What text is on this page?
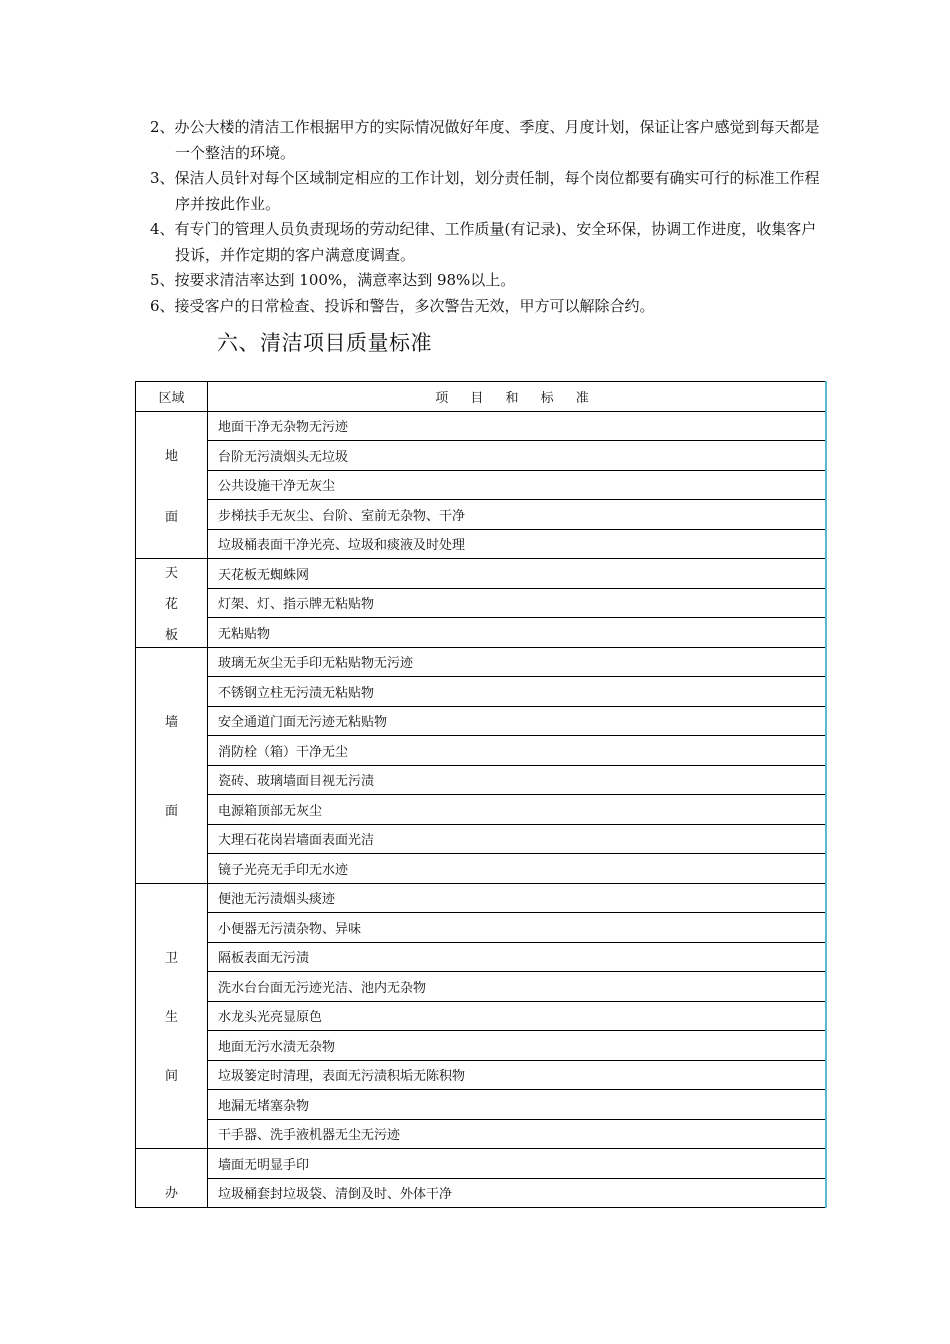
2、办公大楼的清洁工作根据甲方的实际情况做好年度、季度、月度计划，保证让客户感觉到每天都是一个整洁的环境。
3、保洁人员针对每个区域制定相应的工作计划，划分责任制，每个岗位都要有确实可行的标准工作程序并按此作业。
4、有专门的管理人员负责现场的劳动纪律、工作质量(有记录)、安全环保，协调工作进度，收集客户投诉，并作定期的客户满意度调查。
5、按要求清洁率达到 100%，满意率达到 98%以上。
6、接受客户的日常检查、投诉和警告，多次警告无效，甲方可以解除合约。
六、清洁项目质量标准
区域	项 目 和 标 准

地
面	地面干净无杂物无污迹
	台阶无污渍烟头无垃圾
	公共设施干净无灰尘
	步梯扶手无灰尘、台阶、室前无杂物、干净
	垃圾桶表面干净光亮、垃圾和痰液及时处理

天
花
板	天花板无蜘蛛网
	灯架、灯、指示牌无粘贴物
	无粘贴物

墙
面	玻璃无灰尘无手印无粘贴物无污迹
	不锈钢立柱无污渍无粘贴物
	安全通道门面无污迹无粘贴物
	消防栓（箱）干净无尘
	瓷砖、玻璃墙面目视无污渍
	电源箱顶部无灰尘
	大理石花岗岩墙面表面光洁
	镜子光亮无手印无水迹

卫
生
间	便池无污渍烟头痰迹
	小便器无污渍杂物、异味
	隔板表面无污渍
	洗水台台面无污迹光洁、池内无杂物
	水龙头光亮显原色
	地面无污水渍无杂物
	垃圾篓定时清理，表面无污渍积垢无陈积物
	地漏无堵塞杂物
	干手器、洗手液机器无尘无污迹

办	墙面无明显手印
	垃圾桶套封垃圾袋、清倒及时、外体干净
